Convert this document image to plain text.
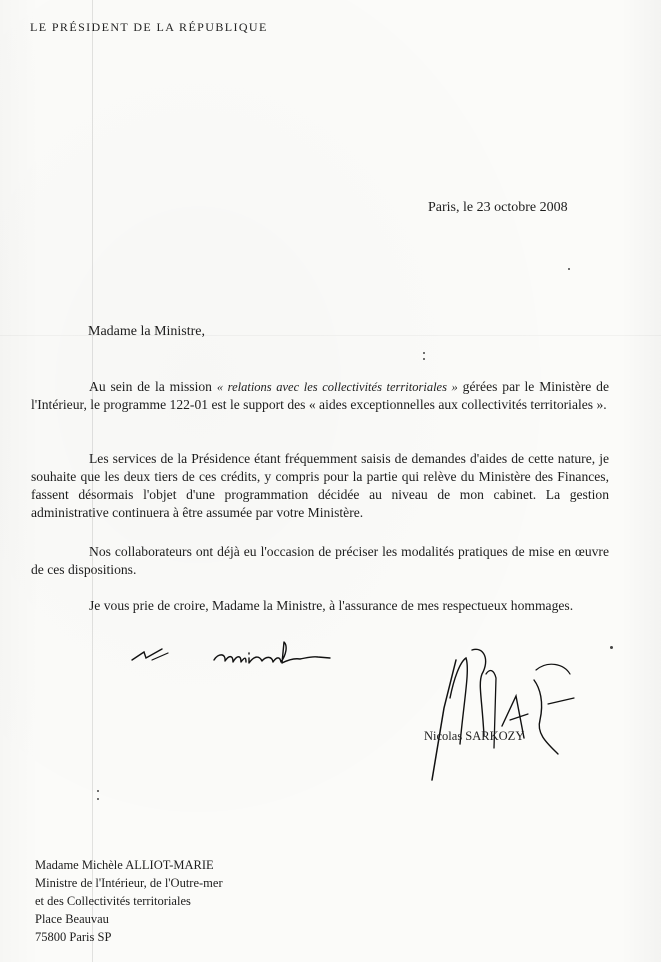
LE PRÉSIDENT DE LA RÉPUBLIQUE
Paris, le 23 octobre 2008
Madame la Ministre,
Au sein de la mission « relations avec les collectivités territoriales » gérées par le Ministère de l'Intérieur, le programme 122-01 est le support des « aides exceptionnelles aux collectivités territoriales ».
Les services de la Présidence étant fréquemment saisis de demandes d'aides de cette nature, je souhaite que les deux tiers de ces crédits, y compris pour la partie qui relève du Ministère des Finances, fassent désormais l'objet d'une programmation décidée au niveau de mon cabinet. La gestion administrative continuera à être assumée par votre Ministère.
Nos collaborateurs ont déjà eu l'occasion de préciser les modalités pratiques de mise en œuvre de ces dispositions.
Je vous prie de croire, Madame la Ministre, à l'assurance de mes respectueux hommages.
Nicolas SARKOZY
Madame Michèle ALLIOT-MARIE
Ministre de l'Intérieur, de l'Outre-mer
et des Collectivités territoriales
Place Beauvau
75800 Paris SP
